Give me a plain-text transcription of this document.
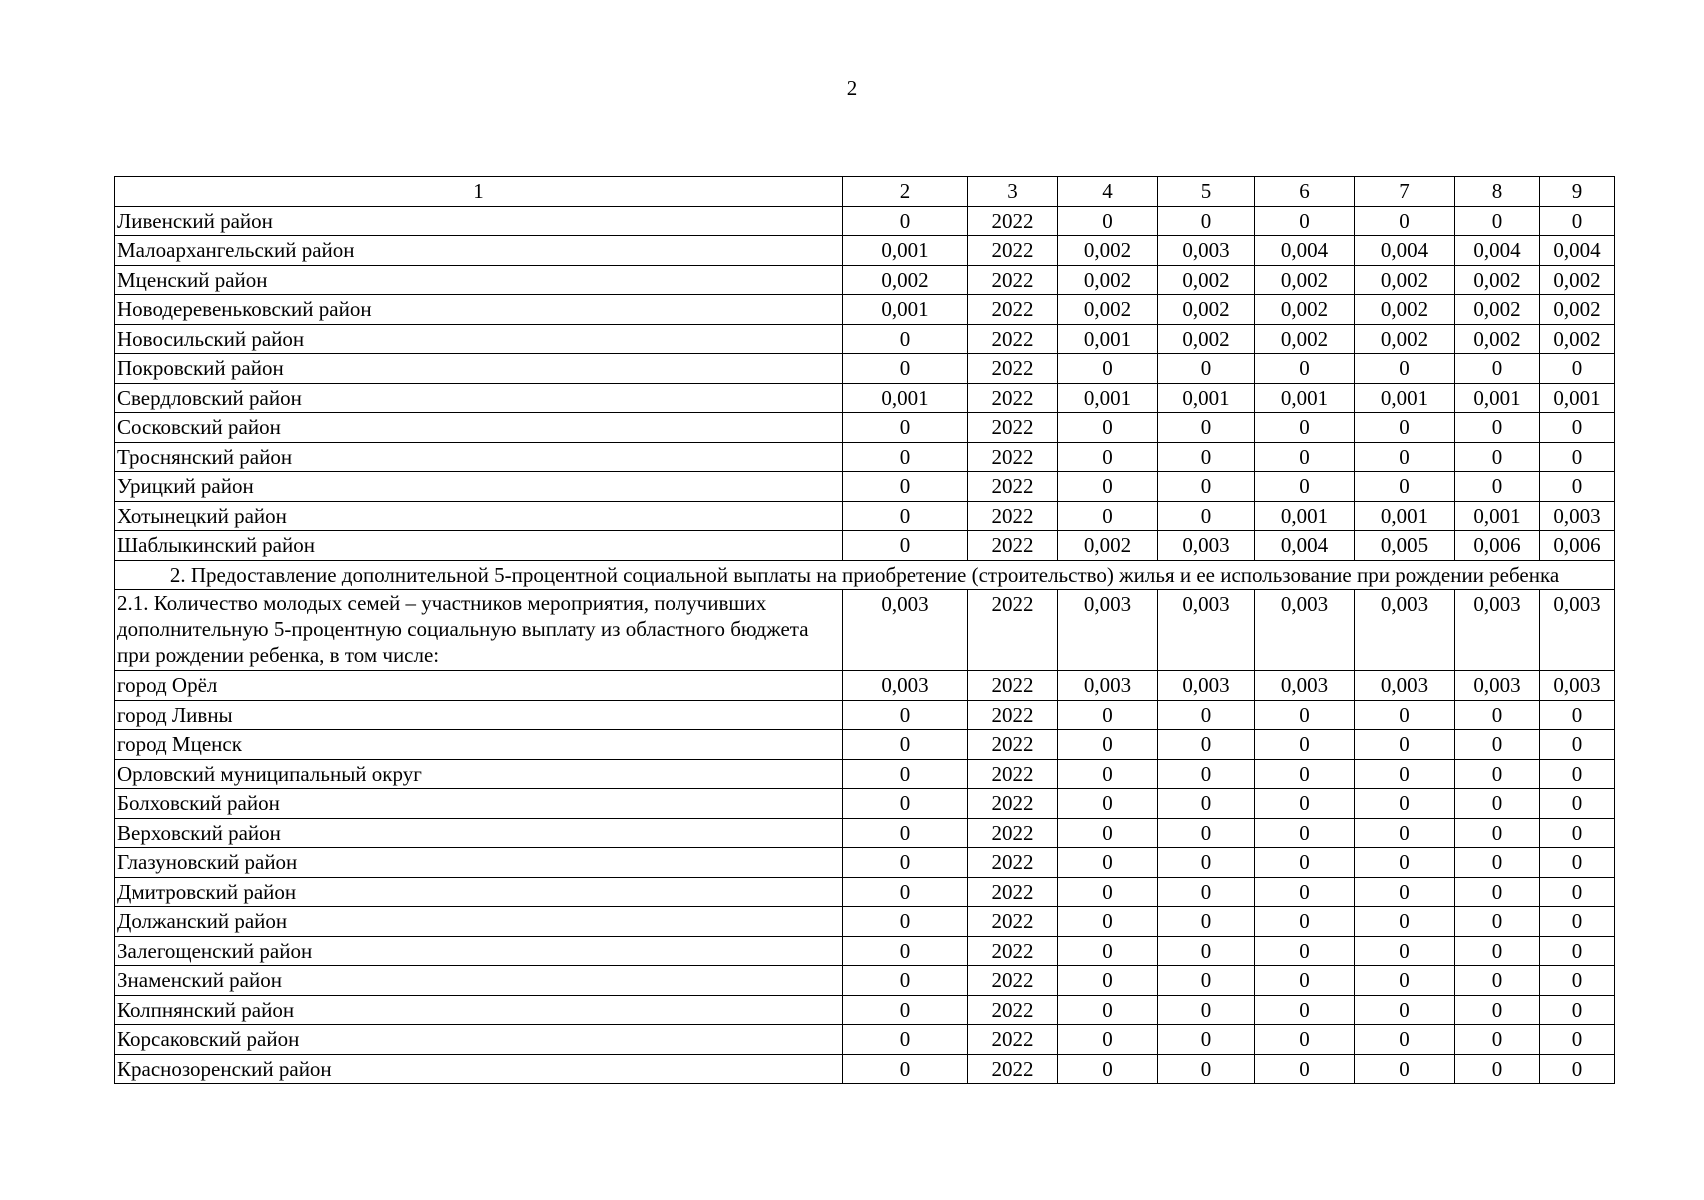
2
1	2	3	4	5	6	7	8	9
Ливенский район	0	2022	0	0	0	0	0	0
Малоархангельский район	0,001	2022	0,002	0,003	0,004	0,004	0,004	0,004
Мценский район	0,002	2022	0,002	0,002	0,002	0,002	0,002	0,002
Новодеревеньковский район	0,001	2022	0,002	0,002	0,002	0,002	0,002	0,002
Новосильский район	0	2022	0,001	0,002	0,002	0,002	0,002	0,002
Покровский район	0	2022	0	0	0	0	0	0
Свердловский район	0,001	2022	0,001	0,001	0,001	0,001	0,001	0,001
Сосковский район	0	2022	0	0	0	0	0	0
Троснянский район	0	2022	0	0	0	0	0	0
Урицкий район	0	2022	0	0	0	0	0	0
Хотынецкий район	0	2022	0	0	0,001	0,001	0,001	0,003
Шаблыкинский район	0	2022	0,002	0,003	0,004	0,005	0,006	0,006
2. Предоставление дополнительной 5-процентной социальной выплаты на приобретение (строительство) жилья и ее использование при рождении ребенка								
2.1. Количество молодых семей – участников мероприятия, получивших дополнительную 5-процентную социальную выплату из областного бюджета при рождении ребенка, в том числе:	0,003	2022	0,003	0,003	0,003	0,003	0,003	0,003
город Орёл	0,003	2022	0,003	0,003	0,003	0,003	0,003	0,003
город Ливны	0	2022	0	0	0	0	0	0
город Мценск	0	2022	0	0	0	0	0	0
Орловский муниципальный округ	0	2022	0	0	0	0	0	0
Болховский район	0	2022	0	0	0	0	0	0
Верховский район	0	2022	0	0	0	0	0	0
Глазуновский район	0	2022	0	0	0	0	0	0
Дмитровский район	0	2022	0	0	0	0	0	0
Должанский район	0	2022	0	0	0	0	0	0
Залегощенский район	0	2022	0	0	0	0	0	0
Знаменский район	0	2022	0	0	0	0	0	0
Колпнянский район	0	2022	0	0	0	0	0	0
Корсаковский район	0	2022	0	0	0	0	0	0
Краснозоренский район	0	2022	0	0	0	0	0	0
